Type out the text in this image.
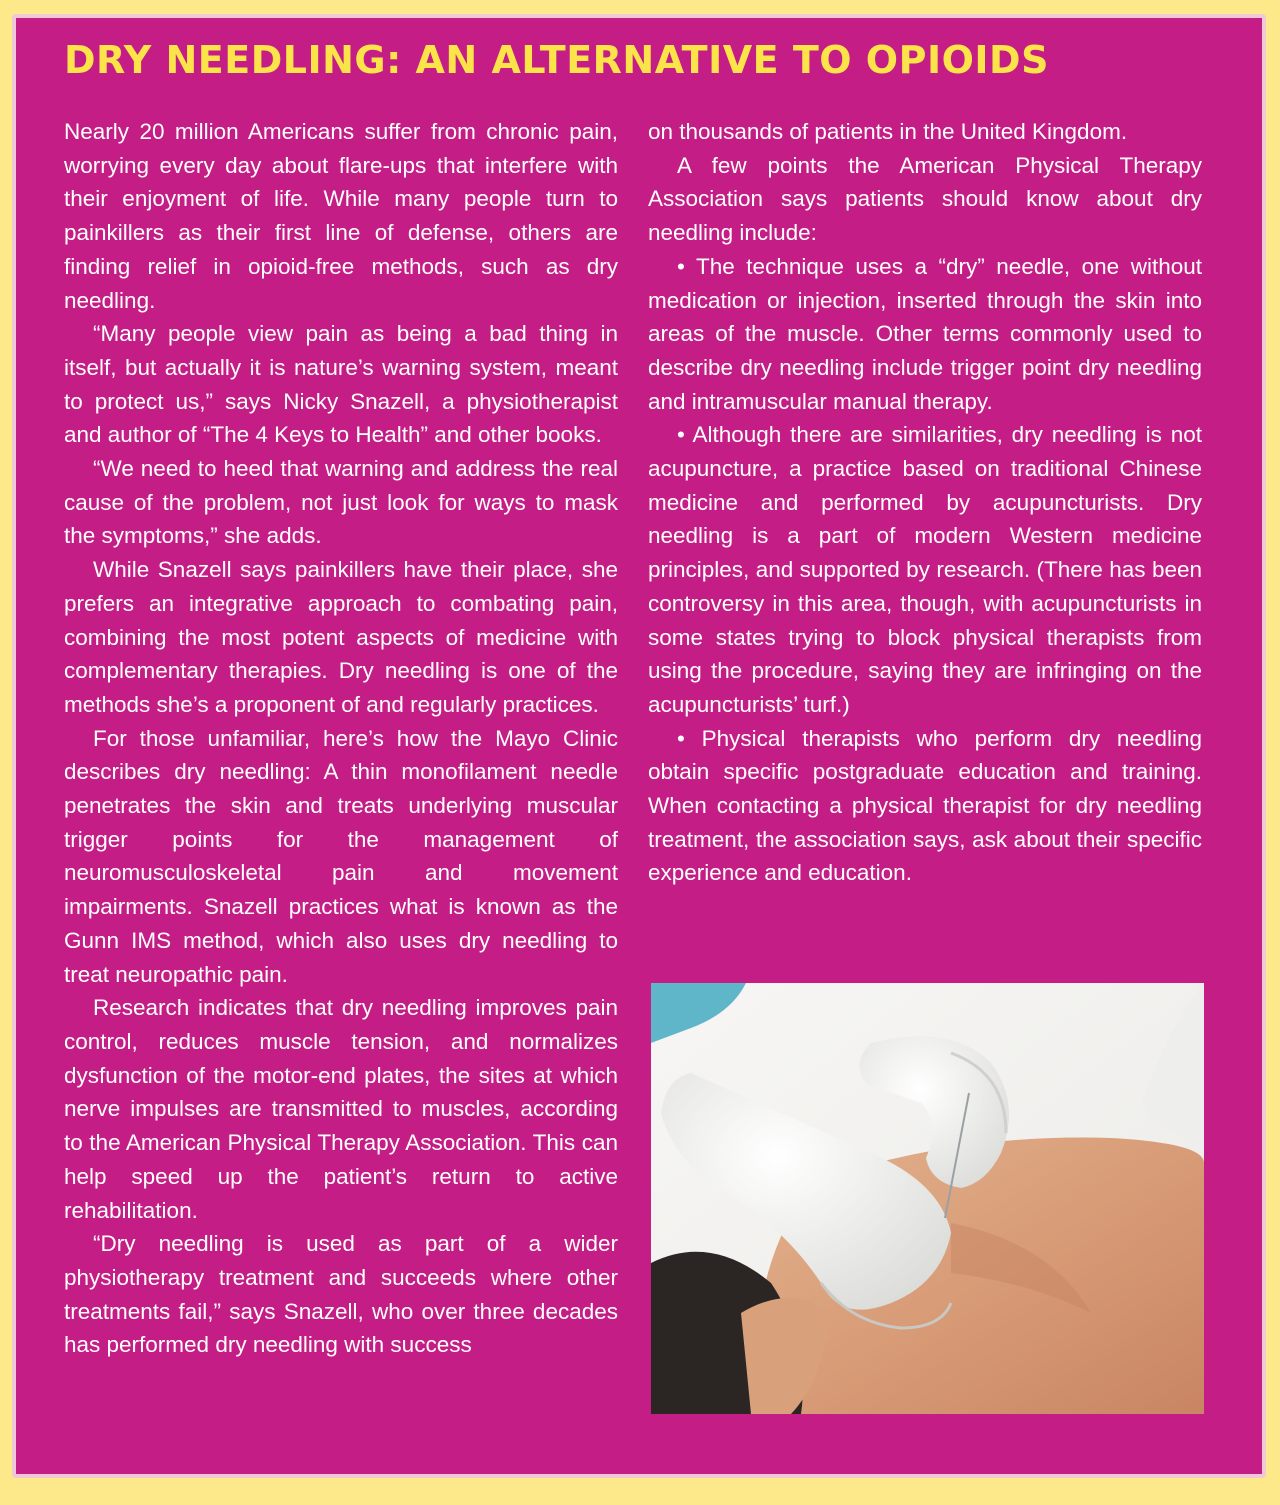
DRY NEEDLING: AN ALTERNATIVE TO OPIOIDS

Nearly 20 million Americans suffer from chronic pain, worrying every day about flare-ups that interfere with their enjoyment of life. While many people turn to painkillers as their first line of defense, others are finding relief in opioid-free methods, such as dry needling.

“Many people view pain as being a bad thing in itself, but actually it is nature’s warning system, meant to protect us,” says Nicky Snazell, a physiotherapist and author of “The 4 Keys to Health” and other books.

“We need to heed that warning and address the real cause of the problem, not just look for ways to mask the symptoms,” she adds.

While Snazell says painkillers have their place, she prefers an integrative approach to combating pain, combining the most potent aspects of medicine with complementary therapies. Dry needling is one of the methods she’s a proponent of and regularly practices.

For those unfamiliar, here’s how the Mayo Clinic describes dry needling: A thin monofilament needle penetrates the skin and treats underlying muscular trigger points for the management of neuromusculoskeletal pain and movement impairments. Snazell practices what is known as the Gunn IMS method, which also uses dry needling to treat neuropathic pain.

Research indicates that dry needling improves pain control, reduces muscle tension, and normalizes dysfunction of the motor-end plates, the sites at which nerve impulses are transmitted to muscles, according to the American Physical Therapy Association. This can help speed up the patient’s return to active rehabilitation.

“Dry needling is used as part of a wider physiotherapy treatment and succeeds where other treatments fail,” says Snazell, who over three decades has performed dry needling with success

on thousands of patients in the United Kingdom.

A few points the American Physical Therapy Association says patients should know about dry needling include:

• The technique uses a “dry” needle, one without medication or injection, inserted through the skin into areas of the muscle. Other terms commonly used to describe dry needling include trigger point dry needling and intramuscular manual therapy.

• Although there are similarities, dry needling is not acupuncture, a practice based on traditional Chinese medicine and performed by acupuncturists. Dry needling is a part of modern Western medicine principles, and supported by research. (There has been controversy in this area, though, with acupuncturists in some states trying to block physical therapists from using the procedure, saying they are infringing on the acupuncturists’ turf.)

• Physical therapists who perform dry needling obtain specific postgraduate education and training. When contacting a physical therapist for dry needling treatment, the association says, ask about their specific experience and education.
